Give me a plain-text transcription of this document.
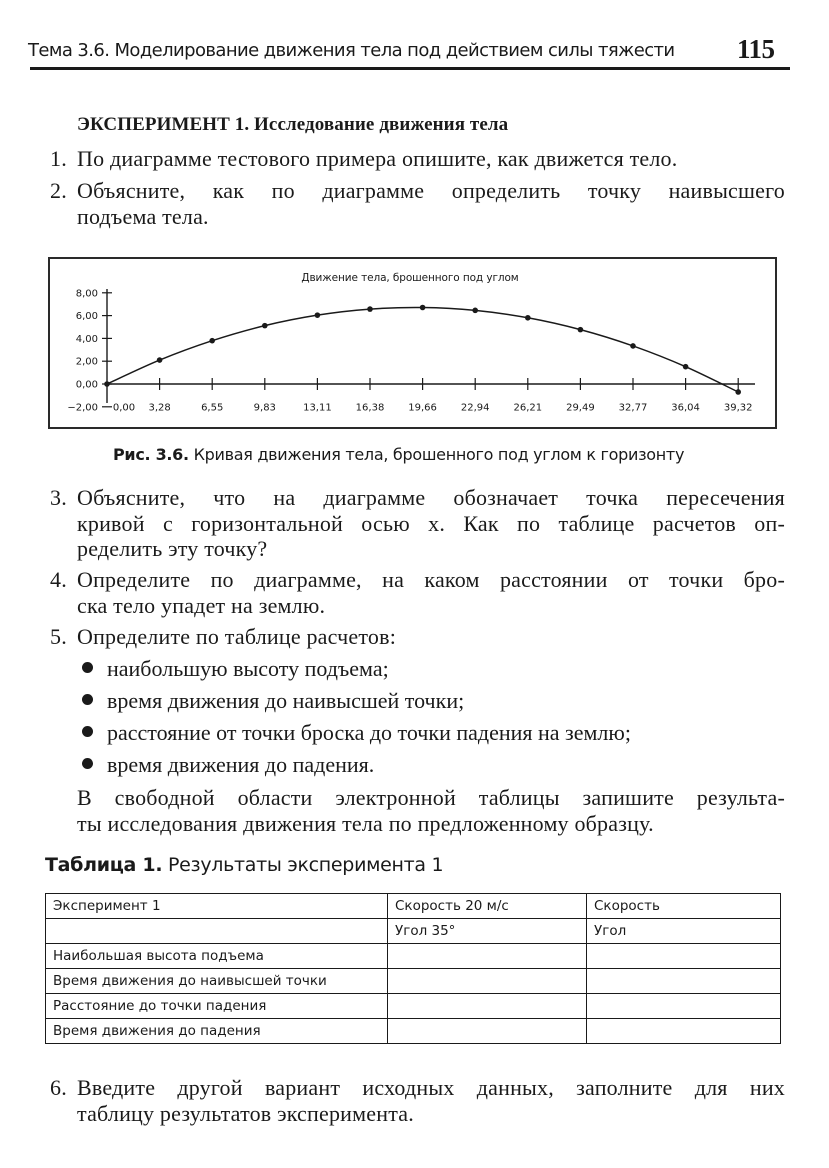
Тема 3.6. Моделирование движения тела под действием силы тяжести 115
ЭКСПЕРИМЕНТ 1. Исследование движения тела
1. По диаграмме тестового примера опишите, как движется тело.
2. Объясните, как по диаграмме определить точку наивысшего
подъема тела.
Движение тела, брошенного под углом
−2,00
0,00
2,00
4,00
6,00
8,00
0,00 3,28	6,55	9,83	13,11 16,38 19,66 22,94 26,21 29,49 32,77 36,04 39,32
Рис. 3.6. Кривая движения тела, брошенного под углом к горизонту
3. Объясните, что на диаграмме обозначает точка пересечения
кривой с горизонтальной осью x. Как по таблице расчетов оп-
ределить эту точку?
4. Определите по диаграмме, на каком расстоянии от точки бро-
ска тело упадет на землю.
5. Определите по таблице расчетов:
наибольшую высоту подъема;
время движения до наивысшей точки;
расстояние от точки броска до точки падения на землю;
время движения до падения.
В свободной области электронной таблицы запишите результа-
ты исследования движения тела по предложенному образцу.
Таблица 1. Результаты эксперимента 1
Эксперимент 1	Скорость 20 м/с	Скорость
	Угол 35°	Угол
Наибольшая высота подъема		
Время движения до наивысшей точки		
Расстояние до точки падения		
Время движения до падения		
6. Введите другой вариант исходных данных, заполните для них
таблицу результатов эксперимента.
